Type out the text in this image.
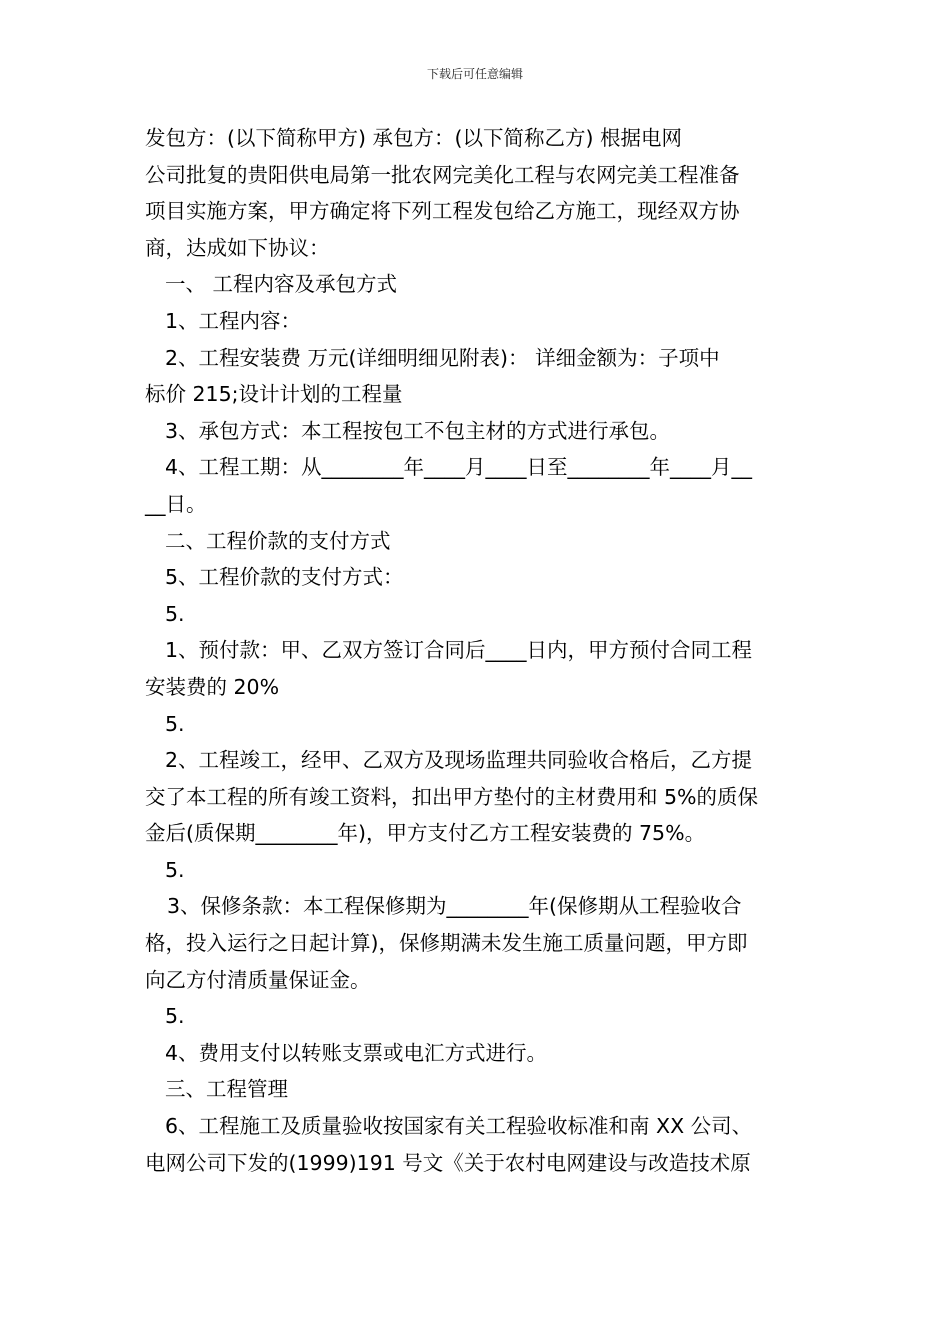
下载后可任意编辑
发包方：(以下简称甲方) 承包方：(以下简称乙方) 根据电网
公司批复的贵阳供电局第一批农网完美化工程与农网完美工程准备
项目实施方案，甲方确定将下列工程发包给乙方施工，现经双方协
商，达成如下协议：
一、 工程内容及承包方式
1、工程内容：
2、工程安装费 万元(详细明细见附表)： 详细金额为：子项中
标价 215;设计计划的工程量
3、承包方式：本工程按包工不包主材的方式进行承包。
4、工程工期：从________年____月____日至________年____月__
__日。
二、工程价款的支付方式
5、工程价款的支付方式：
5.
1、预付款：甲、乙双方签订合同后____日内，甲方预付合同工程
安装费的 20%
5.
2、工程竣工，经甲、乙双方及现场监理共同验收合格后，乙方提
交了本工程的所有竣工资料，扣出甲方垫付的主材费用和 5%的质保
金后(质保期________年)，甲方支付乙方工程安装费的 75%。
5.
3、保修条款：本工程保修期为________年(保修期从工程验收合
格，投入运行之日起计算)，保修期满未发生施工质量问题，甲方即
向乙方付清质量保证金。
5.
4、费用支付以转账支票或电汇方式进行。
三、工程管理
6、工程施工及质量验收按国家有关工程验收标准和南 XX 公司、
电网公司下发的(1999)191 号文《关于农村电网建设与改造技术原
